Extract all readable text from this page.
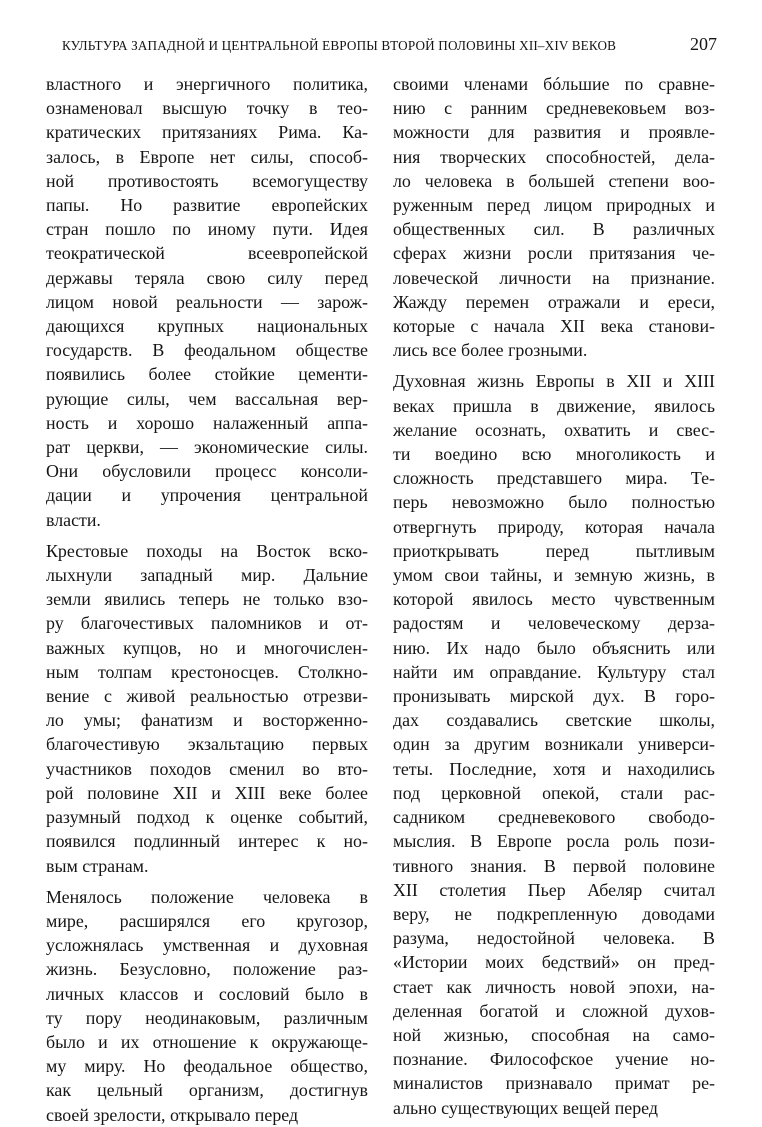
КУЛЬТУРА ЗАПАДНОЙ И ЦЕНТРАЛЬНОЙ ЕВРОПЫ ВТОРОЙ ПОЛОВИНЫ XII–XIV ВЕКОВ	207
властного и энергичного политика,
ознаменовал высшую точку в тео-
кратических притязаниях Рима. Ка-
залось, в Европе нет силы, способ-
ной противостоять всемогуществу
папы. Но развитие европейских
стран пошло по иному пути. Идея
теократической	всеевропейской
державы теряла свою силу перед
лицом новой реальности — зарож-
дающихся крупных национальных
государств. В феодальном обществе
появились более стойкие цементи-
рующие силы, чем вассальная вер-
ность и хорошо налаженный аппа-
рат церкви, — экономические силы.
Они обусловили процесс консоли-
дации и упрочения центральной
власти.
Крестовые походы на Восток вско-
лыхнули западный мир. Дальние
земли явились теперь не только взо-
ру благочестивых паломников и от-
важных купцов, но и многочислен-
ным толпам крестоносцев. Столкно-
вение с живой реальностью отрезви-
ло умы; фанатизм и восторженно-
благочестивую экзальтацию первых
участников походов сменил во вто-
рой половине XII и XIII веке более
разумный подход к оценке событий,
появился подлинный интерес к но-
вым странам.
Менялось положение человека в
мире, расширялся его кругозор,
усложнялась умственная и духовная
жизнь. Безусловно, положение раз-
личных классов и сословий было в
ту пору неодинаковым, различным
было и их отношение к окружающе-
му миру. Но феодальное общество,
как цельный организм, достигнув
своей зрелости, открывало перед
своими членами бóльшие по сравне-
нию с ранним средневековьем воз-
можности для развития и проявле-
ния творческих способностей, дела-
ло человека в большей степени воо-
руженным перед лицом природных и
общественных сил. В различных
сферах жизни росли притязания че-
ловеческой личности на признание.
Жажду перемен отражали и ереси,
которые с начала XII века станови-
лись все более грозными.
Духовная жизнь Европы в XII и XIII
веках пришла в движение, явилось
желание осознать, охватить и свес-
ти воедино всю многоликость и
сложность представшего мира. Те-
перь невозможно было полностью
отвергнуть природу, которая начала
приоткрывать	перед	пытливым
умом свои тайны, и земную жизнь, в
которой явилось место чувственным
радостям и человеческому дерза-
нию. Их надо было объяснить или
найти им оправдание. Культуру стал
пронизывать мирской дух. В горо-
дах создавались светские школы,
один за другим возникали универси-
теты. Последние, хотя и находились
под церковной опекой, стали рас-
садником средневекового свободо-
мыслия. В Европе росла роль пози-
тивного знания. В первой половине
XII столетия Пьер Абеляр считал
веру, не подкрепленную доводами
разума, недостойной человека. В
«Истории моих бедствий» он пред-
стает как личность новой эпохи, на-
деленная богатой и сложной духов-
ной жизнью, способная на само-
познание. Философское учение но-
миналистов признавало примат ре-
ально существующих вещей перед
